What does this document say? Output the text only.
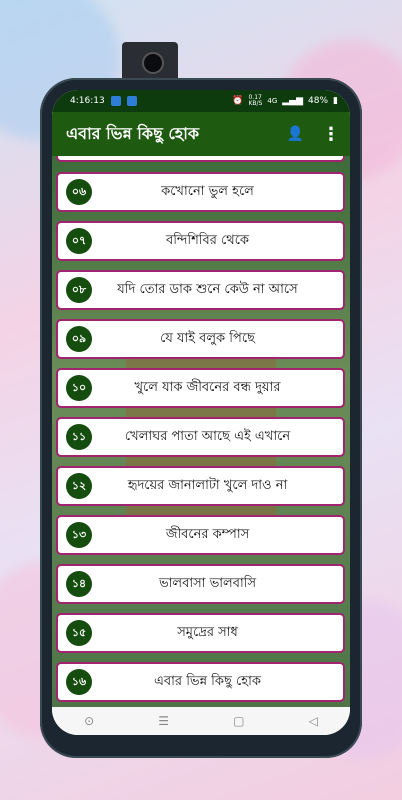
4:16:13	⏰ 0.17
KB/S 4G ▂▄▆ 48% ▮
এবার ভিন্ন কিছু হোক	👤 ⋮
০৬	কখোনো ভুল হলে
০৭	বন্দিশিবির থেকে
০৮	যদি তোর ডাক শুনে কেউ না আসে
০৯	যে যাই বলুক পিছে
১০	খুলে যাক জীবনের বন্ধ দুয়ার
১১	খেলাঘর পাতা আছে এই এখানে
১২	হৃদয়ের জানালাটা খুলে দাও না
১৩	জীবনের কম্পাস
১৪	ভালবাসা ভালবাসি
১৫	সমুদ্রের সাধ
১৬	এবার ভিন্ন কিছু হোক
⊙	☰	▢	◁
